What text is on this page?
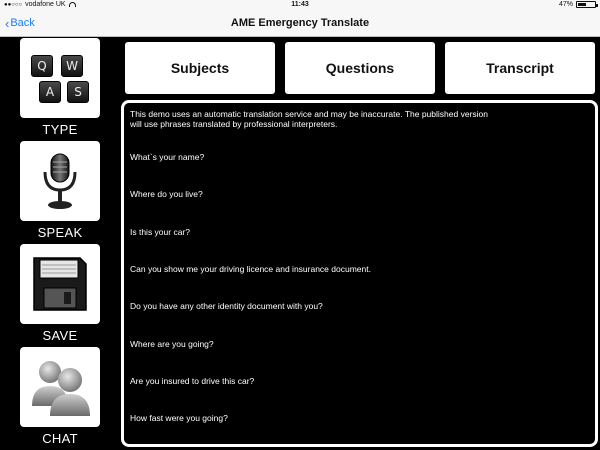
●●○○○ vodafone UK	11:43	47%
‹ Back	AME Emergency Translate
Q	W
A	S
TYPE
SPEAK
SAVE
CHAT
Subjects	Questions	Transcript
This demo uses an automatic translation service and may be inaccurate. The published version
will use phrases translated by professional interpreters.
What`s your name?
Where do you live?
Is this your car?
Can you show me your driving licence and insurance document.
Do you have any other identity document with you?
Where are you going?
Are you insured to drive this car?
How fast were you going?
